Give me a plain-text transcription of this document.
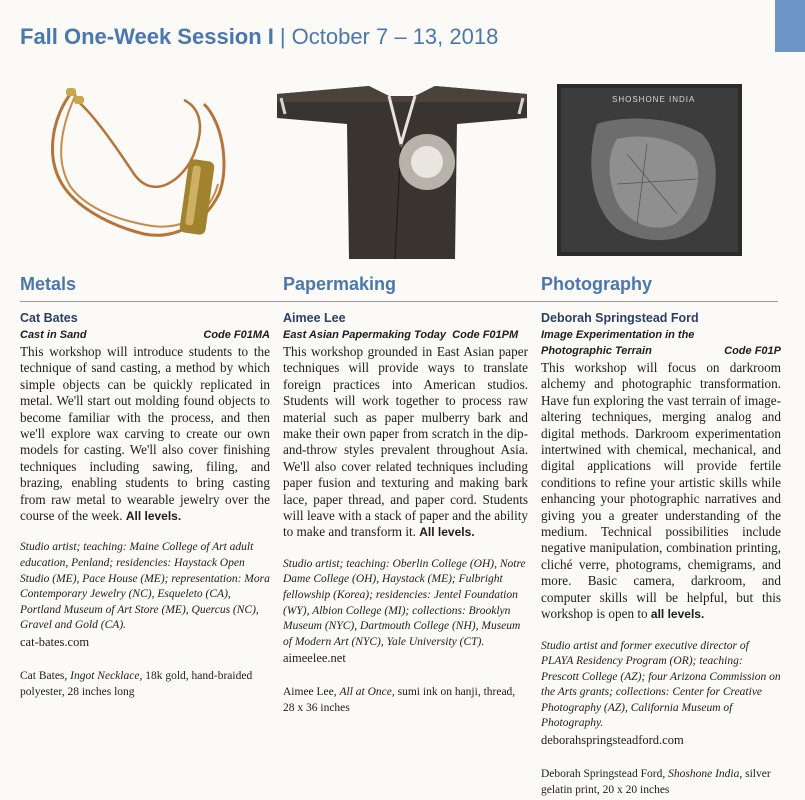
Fall One-Week Session I | October 7 – 13, 2018
Metals
Cat Bates
Cast in Sand	Code F01MA

This workshop will introduce students to the technique of sand casting, a method by which simple objects can be quickly replicated in metal. We'll start out molding found objects to become familiar with the process, and then we'll explore wax carving to create our own models for casting. We'll also cover finishing techniques including sawing, filing, and brazing, enabling students to bring casting from raw metal to wearable jewelry over the course of the week. All levels.

Studio artist; teaching: Maine College of Art adult education, Penland; residencies: Haystack Open Studio (ME), Pace House (ME); representation: Mora Contemporary Jewelry (NC), Esqueleto (CA), Portland Museum of Art Store (ME), Quercus (NC), Gravel and Gold (CA).

cat-bates.com

Cat Bates, Ingot Necklace, 18k gold, hand-braided polyester, 28 inches long

Papermaking
Aimee Lee
East Asian Papermaking Today Code F01PM

This workshop grounded in East Asian paper techniques will provide ways to translate foreign practices into American studios. Students will work together to process raw material such as paper mulberry bark and make their own paper from scratch in the dip-and-throw styles prevalent throughout Asia. We'll also cover related techniques including paper fusion and texturing and making bark lace, paper thread, and paper cord. Students will leave with a stack of paper and the ability to make and transform it. All levels.

Studio artist; teaching: Oberlin College (OH), Notre Dame College (OH), Haystack (ME); Fulbright fellowship (Korea); residencies: Jentel Foundation (WY), Albion College (MI); collections: Brooklyn Museum (NYC), Dartmouth College (NH), Museum of Modern Art (NYC), Yale University (CT).

aimeelee.net

Aimee Lee, All at Once, sumi ink on hanji, thread, 28 x 36 inches

SHOSHONE INDIA
Photography
Deborah Springstead Ford
Image Experimentation in the Photographic Terrain	Code F01P

This workshop will focus on darkroom alchemy and photographic transformation. Have fun exploring the vast terrain of image-altering techniques, merging analog and digital methods. Darkroom experimentation intertwined with chemical, mechanical, and digital applications will provide fertile conditions to refine your artistic skills while enhancing your photographic narratives and giving you a greater understanding of the medium. Technical possibilities include negative manipulation, combination printing, cliché verre, photograms, chemigrams, and more. Basic camera, darkroom, and computer skills will be helpful, but this workshop is open to all levels.

Studio artist and former executive director of PLAYA Residency Program (OR); teaching: Prescott College (AZ); four Arizona Commission on the Arts grants; collections: Center for Creative Photography (AZ), California Museum of Photography.

deborahspringsteadford.com

Deborah Springstead Ford, Shoshone India, silver gelatin print, 20 x 20 inches
